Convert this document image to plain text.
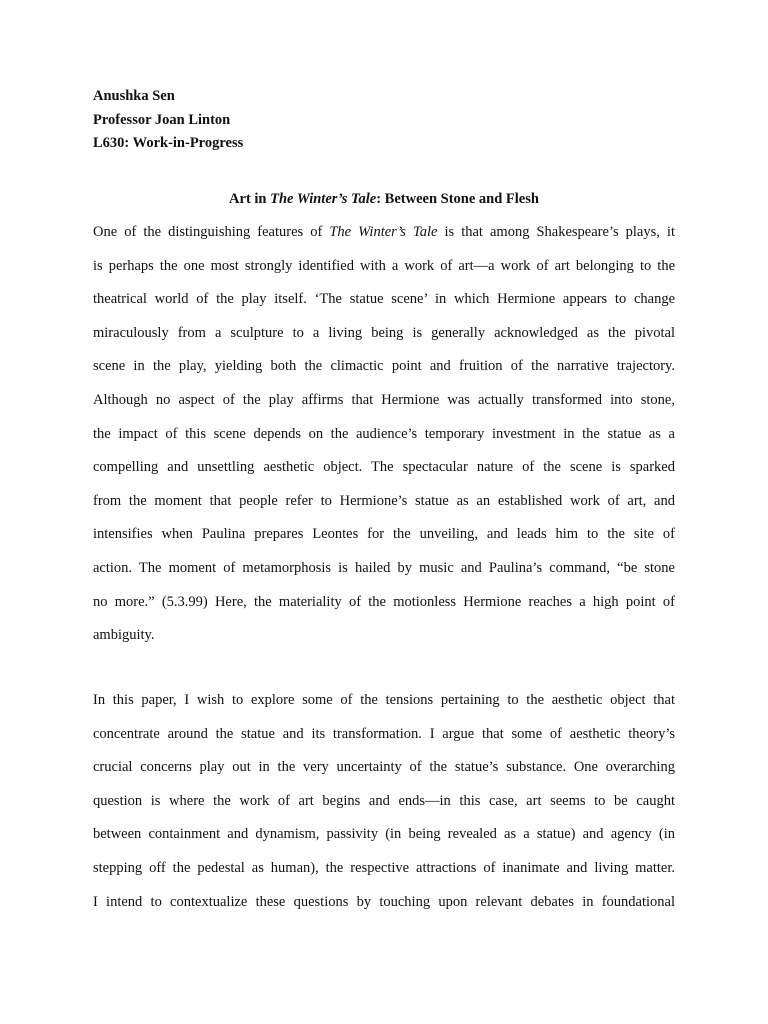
Anushka Sen
Professor Joan Linton
L630: Work-in-Progress
Art in The Winter’s Tale: Between Stone and Flesh
One of the distinguishing features of The Winter’s Tale is that among Shakespeare’s plays, it
is perhaps the one most strongly identified with a work of art—a work of art belonging to the
theatrical world of the play itself. ‘The statue scene’ in which Hermione appears to change
miraculously from a sculpture to a living being is generally acknowledged as the pivotal
scene in the play, yielding both the climactic point and fruition of the narrative trajectory.
Although no aspect of the play affirms that Hermione was actually transformed into stone,
the impact of this scene depends on the audience’s temporary investment in the statue as a
compelling and unsettling aesthetic object. The spectacular nature of the scene is sparked
from the moment that people refer to Hermione’s statue as an established work of art, and
intensifies when Paulina prepares Leontes for the unveiling, and leads him to the site of
action. The moment of metamorphosis is hailed by music and Paulina’s command, “be stone
no more.” (5.3.99) Here, the materiality of the motionless Hermione reaches a high point of
ambiguity.
In this paper, I wish to explore some of the tensions pertaining to the aesthetic object that
concentrate around the statue and its transformation. I argue that some of aesthetic theory’s
crucial concerns play out in the very uncertainty of the statue’s substance. One overarching
question is where the work of art begins and ends—in this case, art seems to be caught
between containment and dynamism, passivity (in being revealed as a statue) and agency (in
stepping off the pedestal as human), the respective attractions of inanimate and living matter.
I intend to contextualize these questions by touching upon relevant debates in foundational
